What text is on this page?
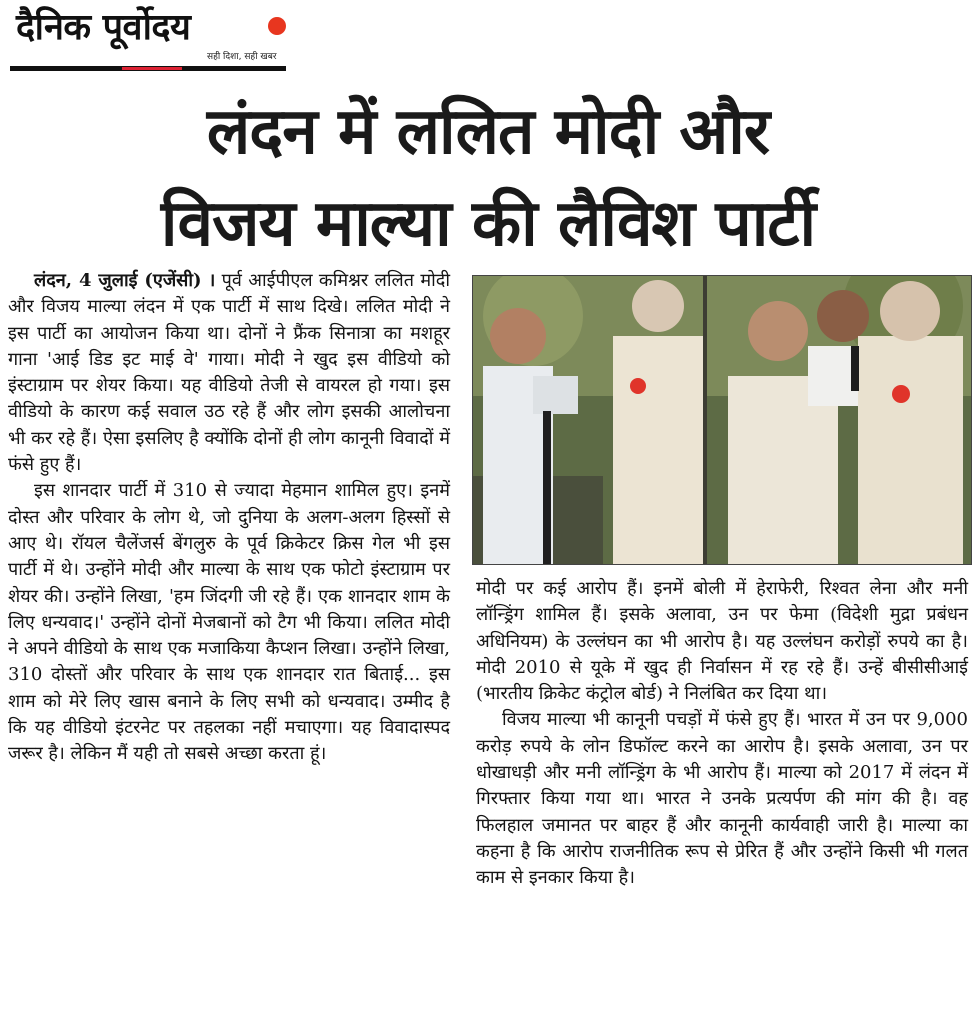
दैनिक पूर्वोदय
सही दिशा, सही खबर
लंदन में ललित मोदी और
विजय माल्या की लैविश पार्टी

लंदन, 4 जुलाई (एजेंसी) । पूर्व आईपीएल कमिश्नर ललित मोदी और विजय माल्या लंदन में एक पार्टी में साथ दिखे। ललित मोदी ने इस पार्टी का आयोजन किया था। दोनों ने फ्रैंक सिनात्रा का मशहूर गाना 'आई डिड इट माई वे' गाया। मोदी ने खुद इस वीडियो को इंस्टाग्राम पर शेयर किया। यह वीडियो तेजी से वायरल हो गया। इस वीडियो के कारण कई सवाल उठ रहे हैं और लोग इसकी आलोचना भी कर रहे हैं। ऐसा इसलिए है क्योंकि दोनों ही लोग कानूनी विवादों में फंसे हुए हैं।

इस शानदार पार्टी में 310 से ज्यादा मेहमान शामिल हुए। इनमें दोस्त और परिवार के लोग थे, जो दुनिया के अलग-अलग हिस्सों से आए थे। रॉयल चैलेंजर्स बेंगलुरु के पूर्व क्रिकेटर क्रिस गेल भी इस पार्टी में थे। उन्होंने मोदी और माल्या के साथ एक फोटो इंस्टाग्राम पर शेयर की। उन्होंने लिखा, 'हम जिंदगी जी रहे हैं। एक शानदार शाम के लिए धन्यवाद।' उन्होंने दोनों मेजबानों को टैग भी किया। ललित मोदी ने अपने वीडियो के साथ एक मजाकिया कैप्शन लिखा। उन्होंने लिखा, 310 दोस्तों और परिवार के साथ एक शानदार रात बिताई... इस शाम को मेरे लिए खास बनाने के लिए सभी को धन्यवाद। उम्मीद है कि यह वीडियो इंटरनेट पर तहलका नहीं मचाएगा। यह विवादास्पद जरूर है। लेकिन मैं यही तो सबसे अच्छा करता हूं।

मोदी पर कई आरोप हैं। इनमें बोली में हेराफेरी, रिश्वत लेना और मनी लॉन्ड्रिंग शामिल हैं। इसके अलावा, उन पर फेमा (विदेशी मुद्रा प्रबंधन अधिनियम) के उल्लंघन का भी आरोप है। यह उल्लंघन करोड़ों रुपये का है। मोदी 2010 से यूके में खुद ही निर्वासन में रह रहे हैं। उन्हें बीसीसीआई (भारतीय क्रिकेट कंट्रोल बोर्ड) ने निलंबित कर दिया था।

विजय माल्या भी कानूनी पचड़ों में फंसे हुए हैं। भारत में उन पर 9,000 करोड़ रुपये के लोन डिफॉल्ट करने का आरोप है। इसके अलावा, उन पर धोखाधड़ी और मनी लॉन्ड्रिंग के भी आरोप हैं। माल्या को 2017 में लंदन में गिरफ्तार किया गया था। भारत ने उनके प्रत्यर्पण की मांग की है। वह फिलहाल जमानत पर बाहर हैं और कानूनी कार्यवाही जारी है। माल्या का कहना है कि आरोप राजनीतिक रूप से प्रेरित हैं और उन्होंने किसी भी गलत काम से इनकार किया है।
